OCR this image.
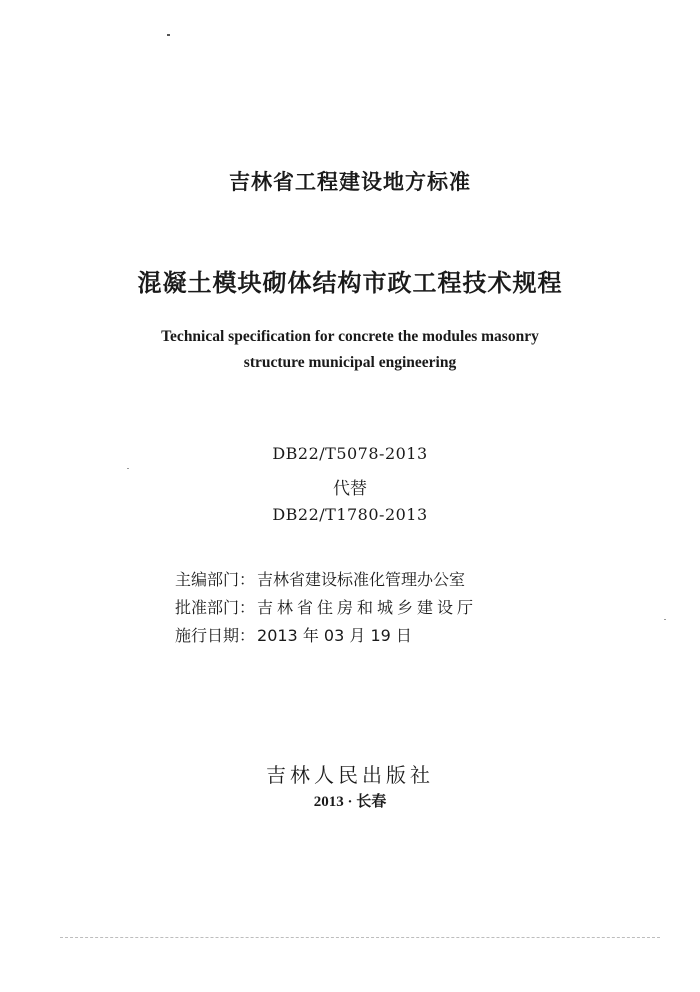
吉林省工程建设地方标准
混凝土模块砌体结构市政工程技术规程
Technical specification for concrete the modules masonry
structure municipal engineering
DB22/T5078-2013
代替
DB22/T1780-2013
主编部门： 吉林省建设标准化管理办公室
批准部门： 吉林省住房和城乡建设厅
施行日期： 2013 年 03 月 19 日
吉林人民出版社
2013 · 长春
